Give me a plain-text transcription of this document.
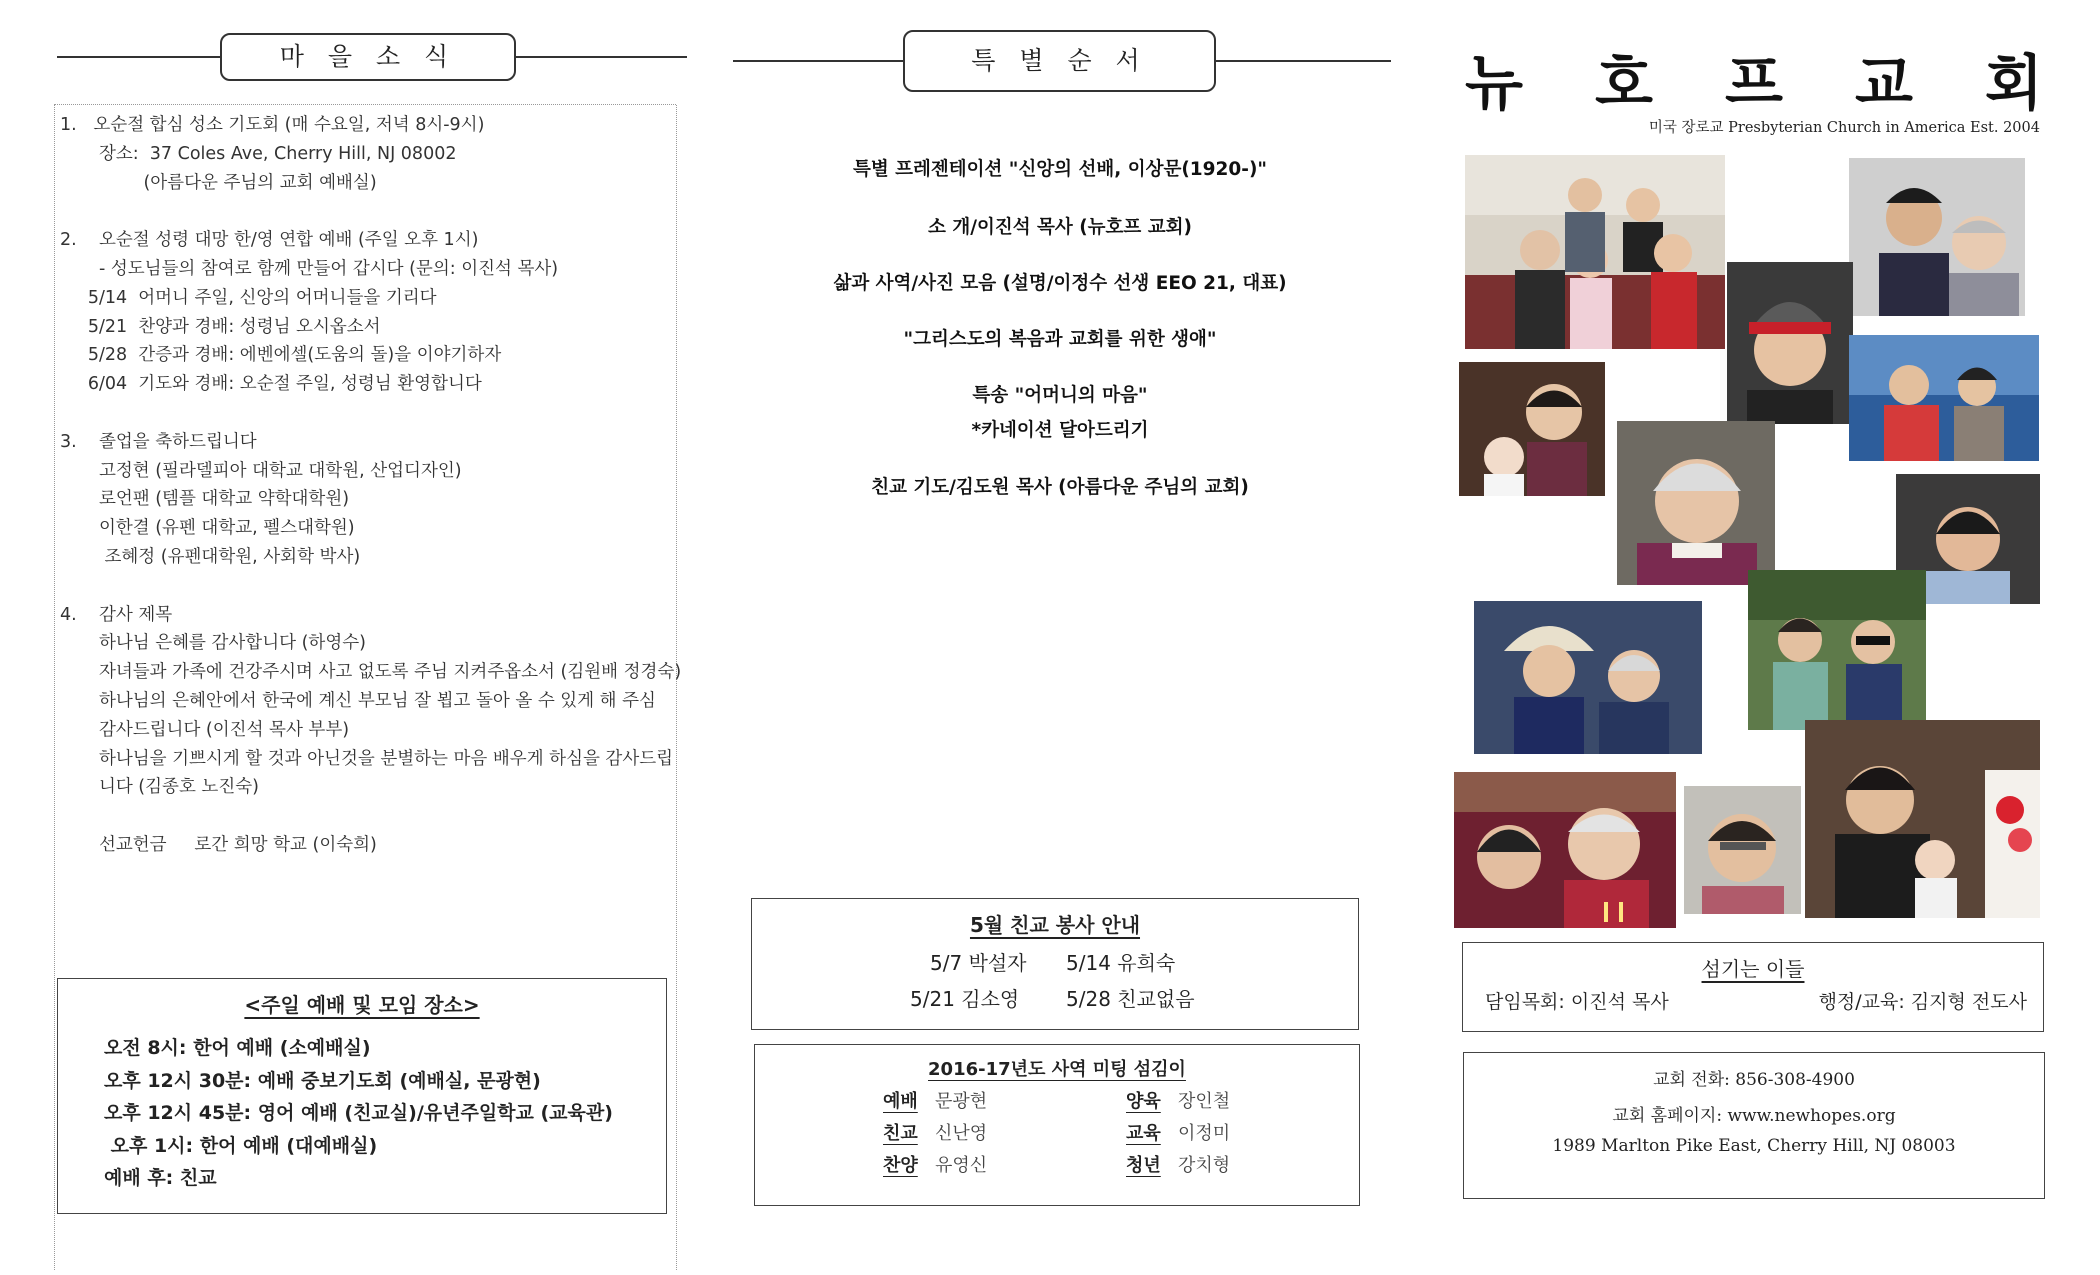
마 을 소 식
1.   오순절 합심 성소 기도회 (매 수요일, 저녁 8시-9시)
장소:  37 Coles Ave, Cherry Hill, NJ 08002
(아름다운 주님의 교회 예배실)
2.    오순절 성령 대망 한/영 연합 예배 (주일 오후 1시)
- 성도님들의 참여로 함께 만들어 갑시다 (문의: 이진석 목사)
5/14  어머니 주일, 신앙의 어머니들을 기리다
5/21  찬양과 경배: 성령님 오시옵소서
5/28  간증과 경배: 에벤에셀(도움의 돌)을 이야기하자
6/04  기도와 경배: 오순절 주일, 성령님 환영합니다
3.    졸업을 축하드립니다
고정현 (필라델피아 대학교 대학원, 산업디자인)
로언팬 (템플 대학교 약학대학원)
이한결 (유펜 대학교, 펠스대학원)
조혜정 (유펜대학원, 사회학 박사)
4.    감사 제목
하나님 은혜를 감사합니다 (하영수)
자녀들과 가족에 건강주시며 사고 없도록 주님 지켜주옵소서 (김원배 정경숙)
하나님의 은혜안에서 한국에 계신 부모님 잘 뵙고 돌아 올 수 있게 해 주심
감사드립니다 (이진석 목사 부부)
하나님을 기쁘시게 할 것과 아닌것을 분별하는 마음 배우게 하심을 감사드립
니다 (김종호 노진숙)
선교헌금     로간 희망 학교 (이숙희)
<주일 예배 및 모임 장소>
오전 8시: 한어 예배 (소예배실)
오후 12시 30분: 예배 중보기도회 (예배실, 문광현)
오후 12시 45분: 영어 예배 (친교실)/유년주일학교 (교육관)
오후 1시: 한어 예배 (대예배실)
예배 후: 친교
특 별 순 서
특별 프레젠테이션 "신앙의 선배, 이상문(1920-)"
소 개/이진석 목사 (뉴호프 교회)
삶과 사역/사진 모음 (설명/이정수 선생 EEO 21, 대표)
"그리스도의 복음과 교회를 위한 생애"
특송 "어머니의 마음"
*카네이션 달아드리기
친교 기도/김도원 목사 (아름다운 주님의 교회)
5월 친교 봉사 안내
5/7 박설자 5/14 유희숙
5/21 김소영 5/28 친교없음
2016-17년도 사역 미팅 섬김이
예배 문광현	양육 장인철
친교 신난영	교육 이정미
찬양 유영신	청년 강치형
뉴 호 프 교 회
미국 장로교 Presbyterian Church in America Est. 2004
섬기는 이들
담임목회: 이진석 목사	행정/교육: 김지형 전도사
교회 전화: 856-308-4900
교회 홈페이지: www.newhopes.org
1989 Marlton Pike East, Cherry Hill, NJ 08003
